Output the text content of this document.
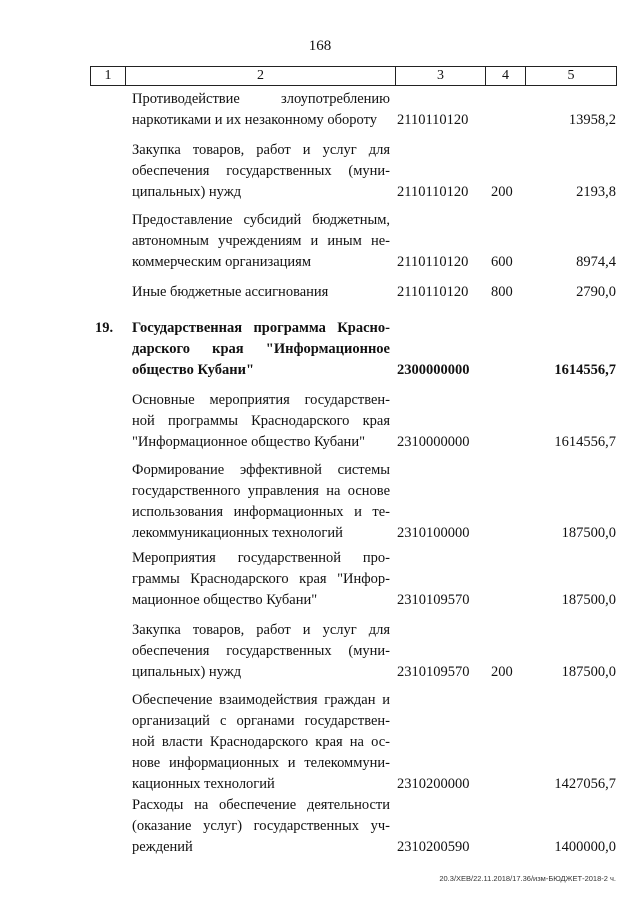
168
1	2	3	4	5
Противодействие злоупотреблению
наркотиками и их незаконному обороту	2110110120	13958,2
Закупка товаров, работ и услуг для
обеспечения государственных (муни-
ципальных) нужд	2110110120 200	2193,8
Предоставление субсидий бюджетным,
автономным учреждениям и иным не-
коммерческим организациям	2110110120 600	8974,4
Иные бюджетные ассигнования	2110110120 800	2790,0
19. Государственная программа Красно-
дарского края "Информационное
общество Кубани"	2300000000	1614556,7
Основные мероприятия государствен-
ной программы Краснодарского края
"Информационное общество Кубани"	2310000000	1614556,7
Формирование эффективной системы
государственного управления на основе
использования информационных и те-
лекоммуникационных технологий	2310100000	187500,0
Мероприятия государственной про-
граммы Краснодарского края "Инфор-
мационное общество Кубани"	2310109570	187500,0
Закупка товаров, работ и услуг для
обеспечения государственных (муни-
ципальных) нужд	2310109570 200	187500,0
Обеспечение взаимодействия граждан и
организаций с органами государствен-
ной власти Краснодарского края на ос-
нове информационных и телекоммуни-
кационных технологий	2310200000	1427056,7
Расходы на обеспечение деятельности
(оказание услуг) государственных уч-
реждений	2310200590	1400000,0
20.3/ХЕВ/22.11.2018/17.36/изм-БЮДЖЕТ-2018-2 ч.
